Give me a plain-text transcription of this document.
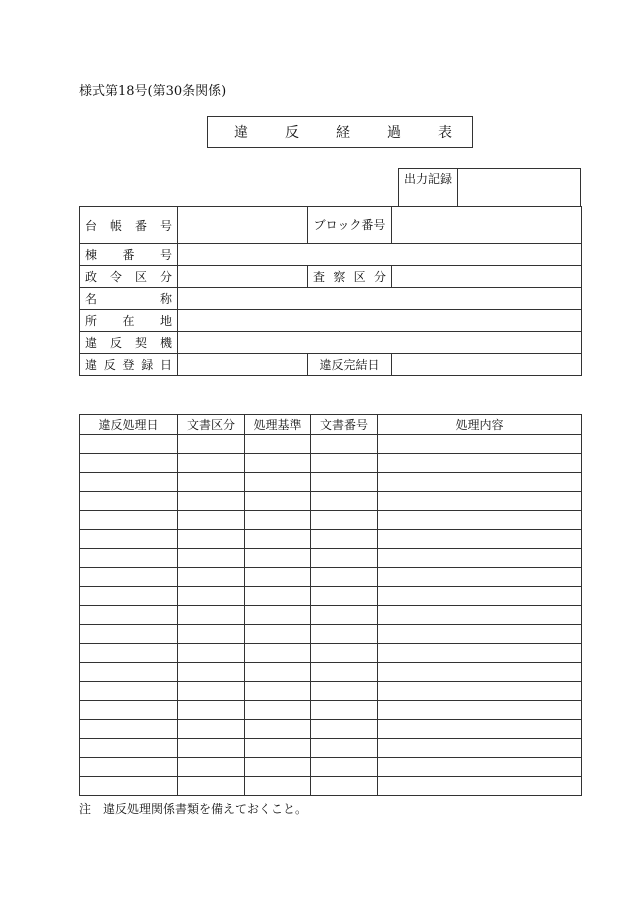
様式第18号(第30条関係)
違	反	経	過	表
出力記録
台 帳 番 号		ブロック番号	

棟 番 号			

政 令 区 分		査 察 区 分	

名 称			

所 在 地			

違 反 契 機			

違 反 登 録 日		違反完結日	
違反処理日	文書区分	処理基準	文書番号	処理内容

注　違反処理関係書類を備えておくこと。
